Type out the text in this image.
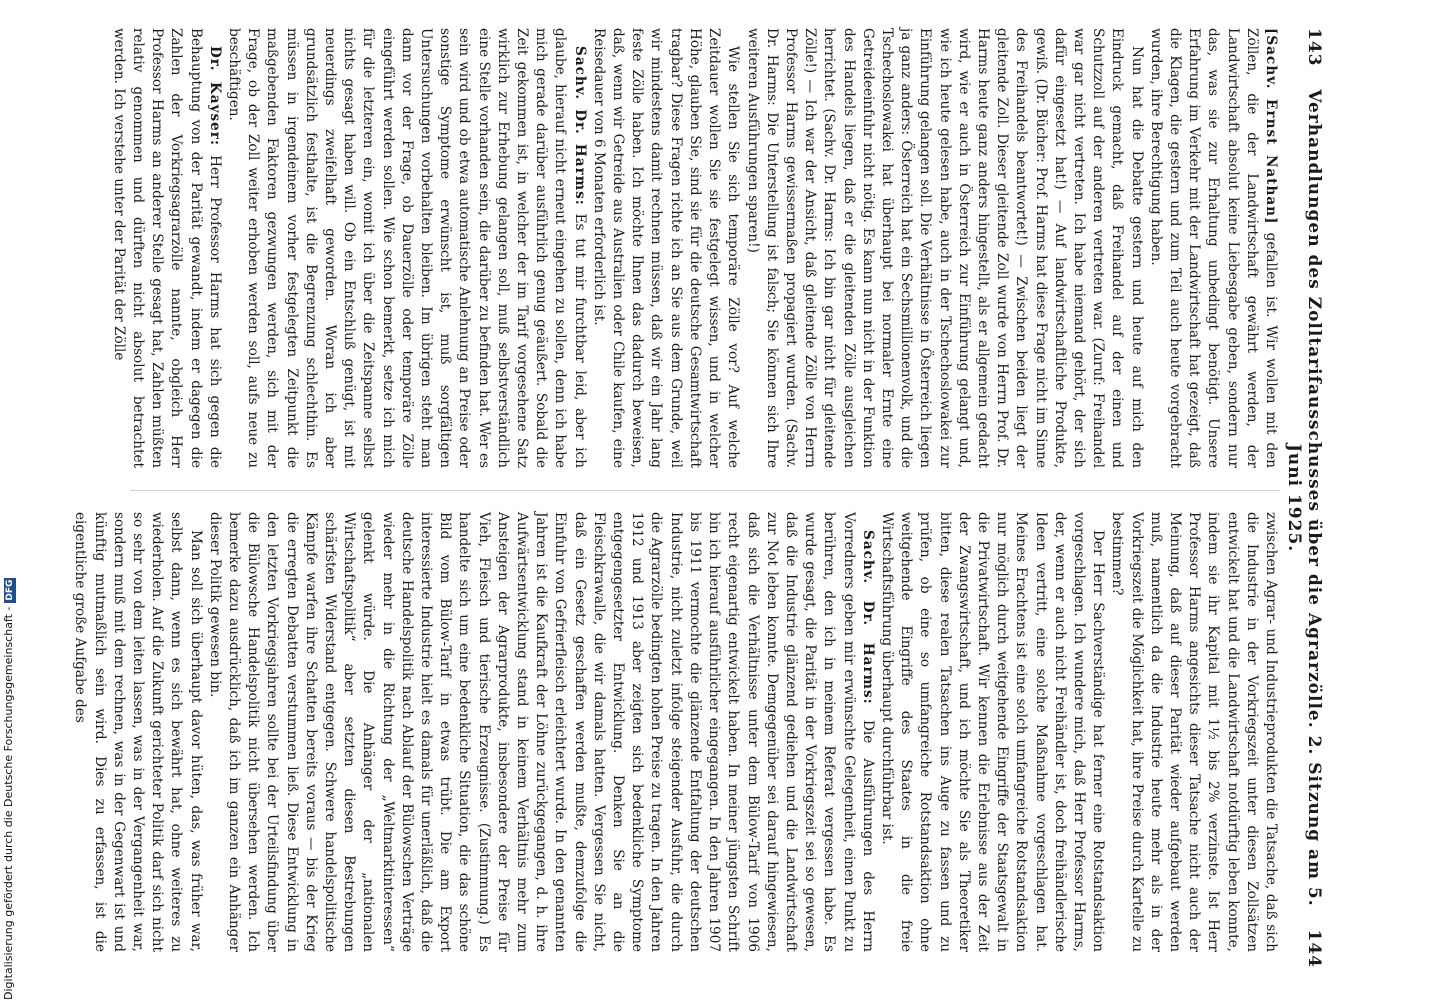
Digitalisierung gefördert durch die Deutsche Forschungsgemeinschaft -DFG
143
Verhandlungen des Zolltarifausschusses über die Agrarzölle. 2. Sitzung am 5. Juni 1925.
144

[Sachv. Ernst Nathan] gefallen ist. Wir wollen mit den Zöllen, die der Landwirtschaft gewährt werden, der Landwirtschaft absolut keine Liebesgabe geben, sondern nur das, was sie zur Erhaltung unbedingt benötigt. Unsere Erfahrung im Verkehr mit der Landwirtschaft hat gezeigt, daß die Klagen, die gestern und zum Teil auch heute vorgebracht wurden, ihre Berechtigung haben.

Nun hat die Debatte gestern und heute auf mich den Eindruck gemacht, daß Freihandel auf der einen und Schutzzoll auf der anderen vertreten war. (Zuruf: Freihandel war gar nicht vertreten. Ich habe niemand gehört, der sich dafür eingesetzt hat!) — Auf landwirtschaftliche Produkte, gewiß. (Dr. Bücher: Prof. Harms hat diese Frage nicht im Sinne des Freihandels beantwortet!) — Zwischen beiden liegt der gleitende Zoll. Dieser gleitende Zoll wurde von Herrn Prof. Dr. Harms heute ganz anders hingestellt, als er allgemein gedacht wird, wie er auch in Österreich zur Einführung gelangt und, wie ich heute gelesen habe, auch in der Tschechoslowakei zur Einführung gelangen soll. Die Verhältnisse in Österreich liegen ja ganz anders: Österreich hat ein Sechsmillionenvolk, und die Tschechoslowakei hat überhaupt bei normaler Ernte eine Getreideeinfuhr nicht nötig. Es kann nun nicht in der Funktion des Handels liegen, daß er die gleitenden Zölle ausgleichen herrichtet. (Sachv. Dr. Harms: Ich bin gar nicht für gleitende Zölle!) — Ich war der Ansicht, daß gleitende Zölle von Herrn Professor Harms gewissermaßen propagiert wurden. (Sachv. Dr. Harms: Die Unterstellung ist falsch; Sie können sich Ihre weiteren Ausführungen sparen!)

Wie stellen Sie sich temporäre Zölle vor? Auf welche Zeitdauer wollen Sie sie festgelegt wissen, und in welcher Höhe, glauben Sie, sind sie für die deutsche Gesamtwirtschaft tragbar? Diese Fragen richte ich an Sie aus dem Grunde, weil wir mindestens damit rechnen müssen, daß wir ein Jahr lang feste Zölle haben. Ich möchte Ihnen das dadurch beweisen, daß, wenn wir Getreide aus Australien oder Chile kaufen, eine Reisedauer von 6 Monaten erforderlich ist.

Sachv. Dr. Harms: Es tut mir furchtbar leid, aber ich glaube, hierauf nicht erneut eingehen zu sollen, denn ich habe mich gerade darüber ausführlich genug geäußert. Sobald die Zeit gekommen ist, in welcher der im Tarif vorgesehene Satz wirklich zur Erhebung gelangen soll, muß selbstverständlich eine Stelle vorhanden sein, die darüber zu befinden hat. Wer es sein wird und ob etwa automatische Anlehnung an Preise oder sonstige Symptome erwünscht ist, muß sorgfältigen Untersuchungen vorbehalten bleiben. Im übrigen steht man dann vor der Frage, ob Dauerzölle oder temporäre Zölle eingeführt werden sollen. Wie schon bemerkt, setze ich mich für die letzteren ein, womit ich über die Zeitspanne selbst nichts gesagt haben will. Ob ein Entschluß genügt, ist mit neuerdings zweifelhaft geworden. Woran ich aber grundsätzlich festhalte, ist die Begrenzung schlechthin. Es müssen in irgendeinem vorher festgelegten Zeitpunkt die maßgebenden Faktoren gezwungen werden, sich mit der Frage, ob der Zoll weiter erhoben werden soll, aufs neue zu beschäftigen.

Dr. Kayser: Herr Professor Harms hat sich gegen die Behauptung von der Parität gewandt, indem er dagegen die Zahlen der Vorkriegsagrarzölle nannte, obgleich Herr Professor Harms an anderer Stelle gesagt hat, Zahlen müßten relativ genommen und dürften nicht absolut betrachtet werden. Ich verstehe unter der Parität der Zölle

zwischen Agrar- und Industrieprodukten die Tatsache, daß sich die Industrie in der Vorkriegszeit unter diesen Zollsätzen entwickelt hat und die Landwirtschaft notdürftig leben konnte, indem sie ihr Kapital mit 1½ bis 2% verzinste. Ist Herr Professor Harms angesichts dieser Tatsache nicht auch der Meinung, daß auf dieser Parität wieder aufgebaut werden muß, namentlich da die Industrie heute mehr als in der Vorkriegszeit die Möglichkeit hat, ihre Preise durch Kartelle zu bestimmen?

Der Herr Sachverständige hat ferner eine Rotstandsaktion vorgeschlagen. Ich wundere mich, daß Herr Professor Harms, der, wenn er auch nicht Freihändler ist, doch freihändlerische Ideen vertritt, eine solche Maßnahme vorgeschlagen hat. Meines Erachtens ist eine solch umfangreiche Rotstandsaktion nur möglich durch weitgehende Eingriffe der Staatsgewalt in die Privatwirtschaft. Wir kennen die Erlebnisse aus der Zeit der Zwangswirtschaft, und ich möchte Sie als Theoretiker bitten, diese realen Tatsachen ins Auge zu fassen und zu prüfen, ob eine so umfangreiche Rotstandsaktion ohne weitgehende Eingriffe des Staates in die freie Wirtschaftsführung überhaupt durchführbar ist.

Sachv. Dr. Harms: Die Ausführungen des Herrn Vorredners geben mir erwünschte Gelegenheit, einen Punkt zu berühren, den ich in meinem Referat vergessen habe. Es wurde gesagt, die Parität in der Vorkriegszeit sei so gewesen, daß die Industrie glänzend gediehen und die Landwirtschaft zur Not leben konnte. Demgegenüber sei darauf hingewiesen, daß sich die Verhältnisse unter dem Bülow-Tarif von 1906 recht eigenartig entwickelt haben. In meiner jüngsten Schrift bin ich hierauf ausführlicher eingegangen. In den Jahren 1907 bis 1911 vermochte die glänzende Entfaltung der deutschen Industrie, nicht zuletzt infolge steigender Ausfuhr, die durch die Agrarzölle bedingten hohen Preise zu tragen. In den Jahren 1912 und 1913 aber zeigten sich bedenkliche Symptome entgegengesetzter Entwicklung. Denken Sie an die Fleischkrawalle, die wir damals hatten. Vergessen Sie nicht, daß ein Gesetz geschaffen werden mußte, demzufolge die Einfuhr von Gefrierfleisch erleichtert wurde. In den genannten Jahren ist die Kaufkraft der Löhne zurückgegangen, d. h. ihre Aufwärtsentwicklung stand in keinem Verhältnis mehr zum Ansteigen der Agrarprodukte, insbesondere der Preise für Vieh, Fleisch und tierische Erzeugnisse. (Zustimmung.) Es handelte sich um eine bedenkliche Situation, die das schöne Bild vom Bülow-Tarif in etwas trübt. Die am Export interessierte Industrie hielt es damals für unerläßlich, daß die deutsche Handelspolitik nach Ablauf der Bülowschen Verträge wieder mehr in die Richtung der „Weltmarktinteressen“ gelenkt würde. Die Anhänger der „nationalen Wirtschaftspolitik“ aber setzten diesen Bestrebungen schärfsten Widerstand entgegen. Schwere handelspolitische Kämpfe warfen ihre Schatten bereits voraus — bis der Krieg die erregten Debatten verstummen ließ. Diese Entwicklung in den letzten Vorkriegsjahren sollte bei der Urteilsfindung über die Bülowsche Handelspolitik nicht übersehen werden. Ich bemerke dazu ausdrücklich, daß ich im ganzen ein Anhänger dieser Politik gewesen bin.

Man soll sich überhaupt davor hüten, das, was früher war, selbst dann, wenn es sich bewährt hat, ohne weiteres zu wiederholen. Auf die Zukunft gerichteter Politik darf sich nicht so sehr von dem leiten lassen, was in der Vergangenheit war, sondern muß mit dem rechnen, was in der Gegenwart ist und künftig mutmaßlich sein wird. Dies zu erfassen, ist die eigentliche große Aufgabe des
